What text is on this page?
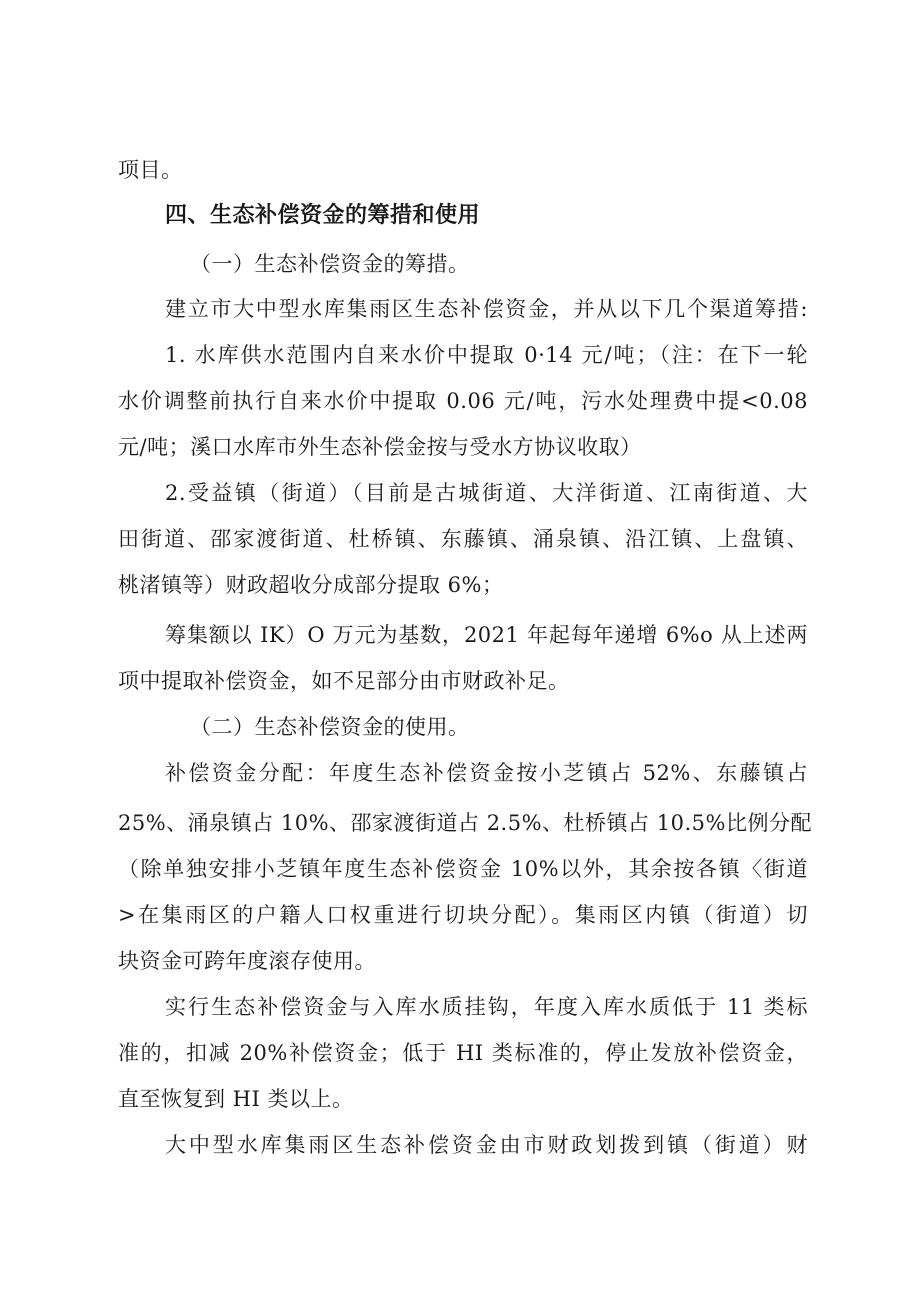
项目。
四、生态补偿资金的筹措和使用
（一）生态补偿资金的筹措。
建立市大中型水库集雨区生态补偿资金，并从以下几个渠道筹措:
1. 水库供水范围内自来水价中提取 0·14 元/吨；（注：在下一轮
水价调整前执行自来水价中提取 0.06 元/吨，污水处理费中提<0.08
元/吨；溪口水库市外生态补偿金按与受水方协议收取）
2.受益镇（街道）（目前是古城街道、大洋街道、江南街道、大
田街道、邵家渡街道、杜桥镇、东藤镇、涌泉镇、沿江镇、上盘镇、
桃渚镇等）财政超收分成部分提取 6%；
筹集额以 IK）O 万元为基数，2021 年起每年递增 6%o 从上述两
项中提取补偿资金，如不足部分由市财政补足。
（二）生态补偿资金的使用。
补偿资金分配：年度生态补偿资金按小芝镇占 52%、东藤镇占
25%、涌泉镇占 10%、邵家渡街道占 2.5%、杜桥镇占 10.5%比例分配
（除单独安排小芝镇年度生态补偿资金 10%以外，其余按各镇〈街道
>在集雨区的户籍人口权重进行切块分配）。集雨区内镇（街道）切
块资金可跨年度滚存使用。
实行生态补偿资金与入库水质挂钩，年度入库水质低于 11 类标
准的，扣减 20%补偿资金；低于 HI 类标准的，停止发放补偿资金，
直至恢复到 HI 类以上。
大中型水库集雨区生态补偿资金由市财政划拨到镇（街道）财
